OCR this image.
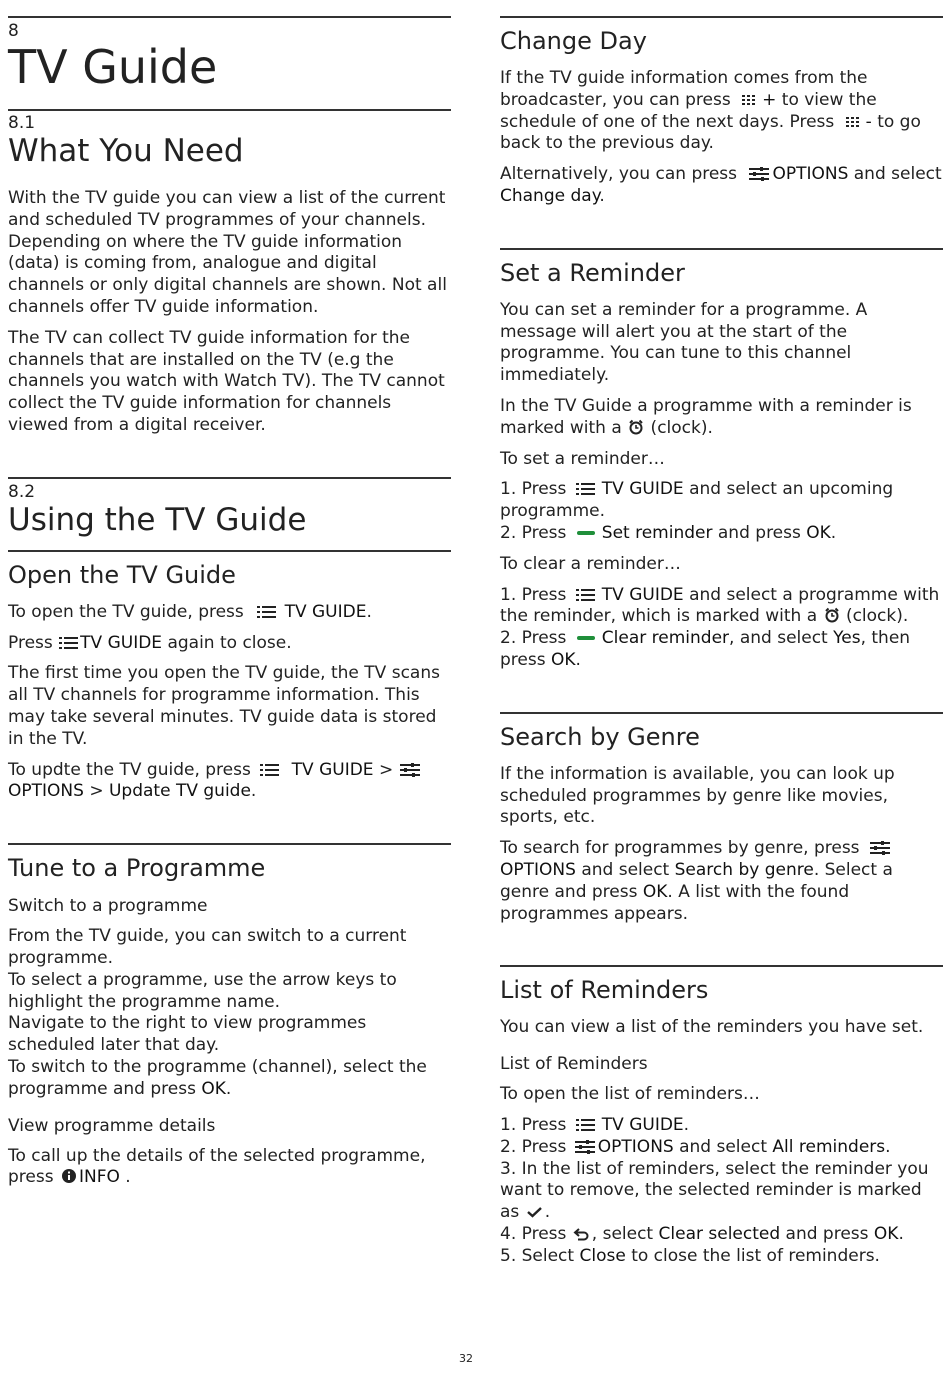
8
TV Guide
8.1
What You Need

With the TV guide you can view a list of the current and scheduled TV programmes of your channels. Depending on where the TV guide information (data) is coming from, analogue and digital channels or only digital channels are shown. Not all channels offer TV guide information.

The TV can collect TV guide information for the channels that are installed on the TV (e.g the channels you watch with Watch TV). The TV cannot collect the TV guide information for channels viewed from a digital receiver.

8.2
Using the TV Guide
Open the TV Guide

To open the TV guide, press
TV GUIDE.

Press
TV GUIDE again to close.

The first time you open the TV guide, the TV scans all TV channels for programme information. This may take several minutes. TV guide data is stored in the TV.

To updte the TV guide, press
TV GUIDE >
OPTIONS > Update TV guide.

Tune to a Programme
Switch to a programme

From the TV guide, you can switch to a current programme.
To select a programme, use the arrow keys to highlight the programme name.
Navigate to the right to view programmes scheduled later that day.
To switch to the programme (channel), select the programme and press OK.

View programme details

To call up the details of the selected programme, press
INFO .

Change Day

If the TV guide information comes from the broadcaster, you can press
+ to view the schedule of one of the next days. Press
- to go back to the previous day.

Alternatively, you can press
OPTIONS and select Change day.

Set a Reminder

You can set a reminder for a programme. A message will alert you at the start of the programme. You can tune to this channel immediately.

In the TV Guide a programme with a reminder is marked with a
(clock).

To set a reminder…

1. Press
TV GUIDE and select an upcoming programme.
2. Press
Set reminder and press OK.

To clear a reminder…

1. Press
TV GUIDE and select a programme with the reminder, which is marked with a
(clock).
2. Press
Clear reminder, and select Yes, then press OK.

Search by Genre

If the information is available, you can look up scheduled programmes by genre like movies, sports, etc.

To search for programmes by genre, press
OPTIONS and select Search by genre. Select a genre and press OK. A list with the found programmes appears.

List of Reminders

You can view a list of the reminders you have set.

List of Reminders

To open the list of reminders…

1. Press
TV GUIDE.
2. Press
OPTIONS and select All reminders.
3. In the list of reminders, select the reminder you want to remove, the selected reminder is marked as
.
4. Press
, select Clear selected and press OK.
5. Select Close to close the list of reminders.

32
